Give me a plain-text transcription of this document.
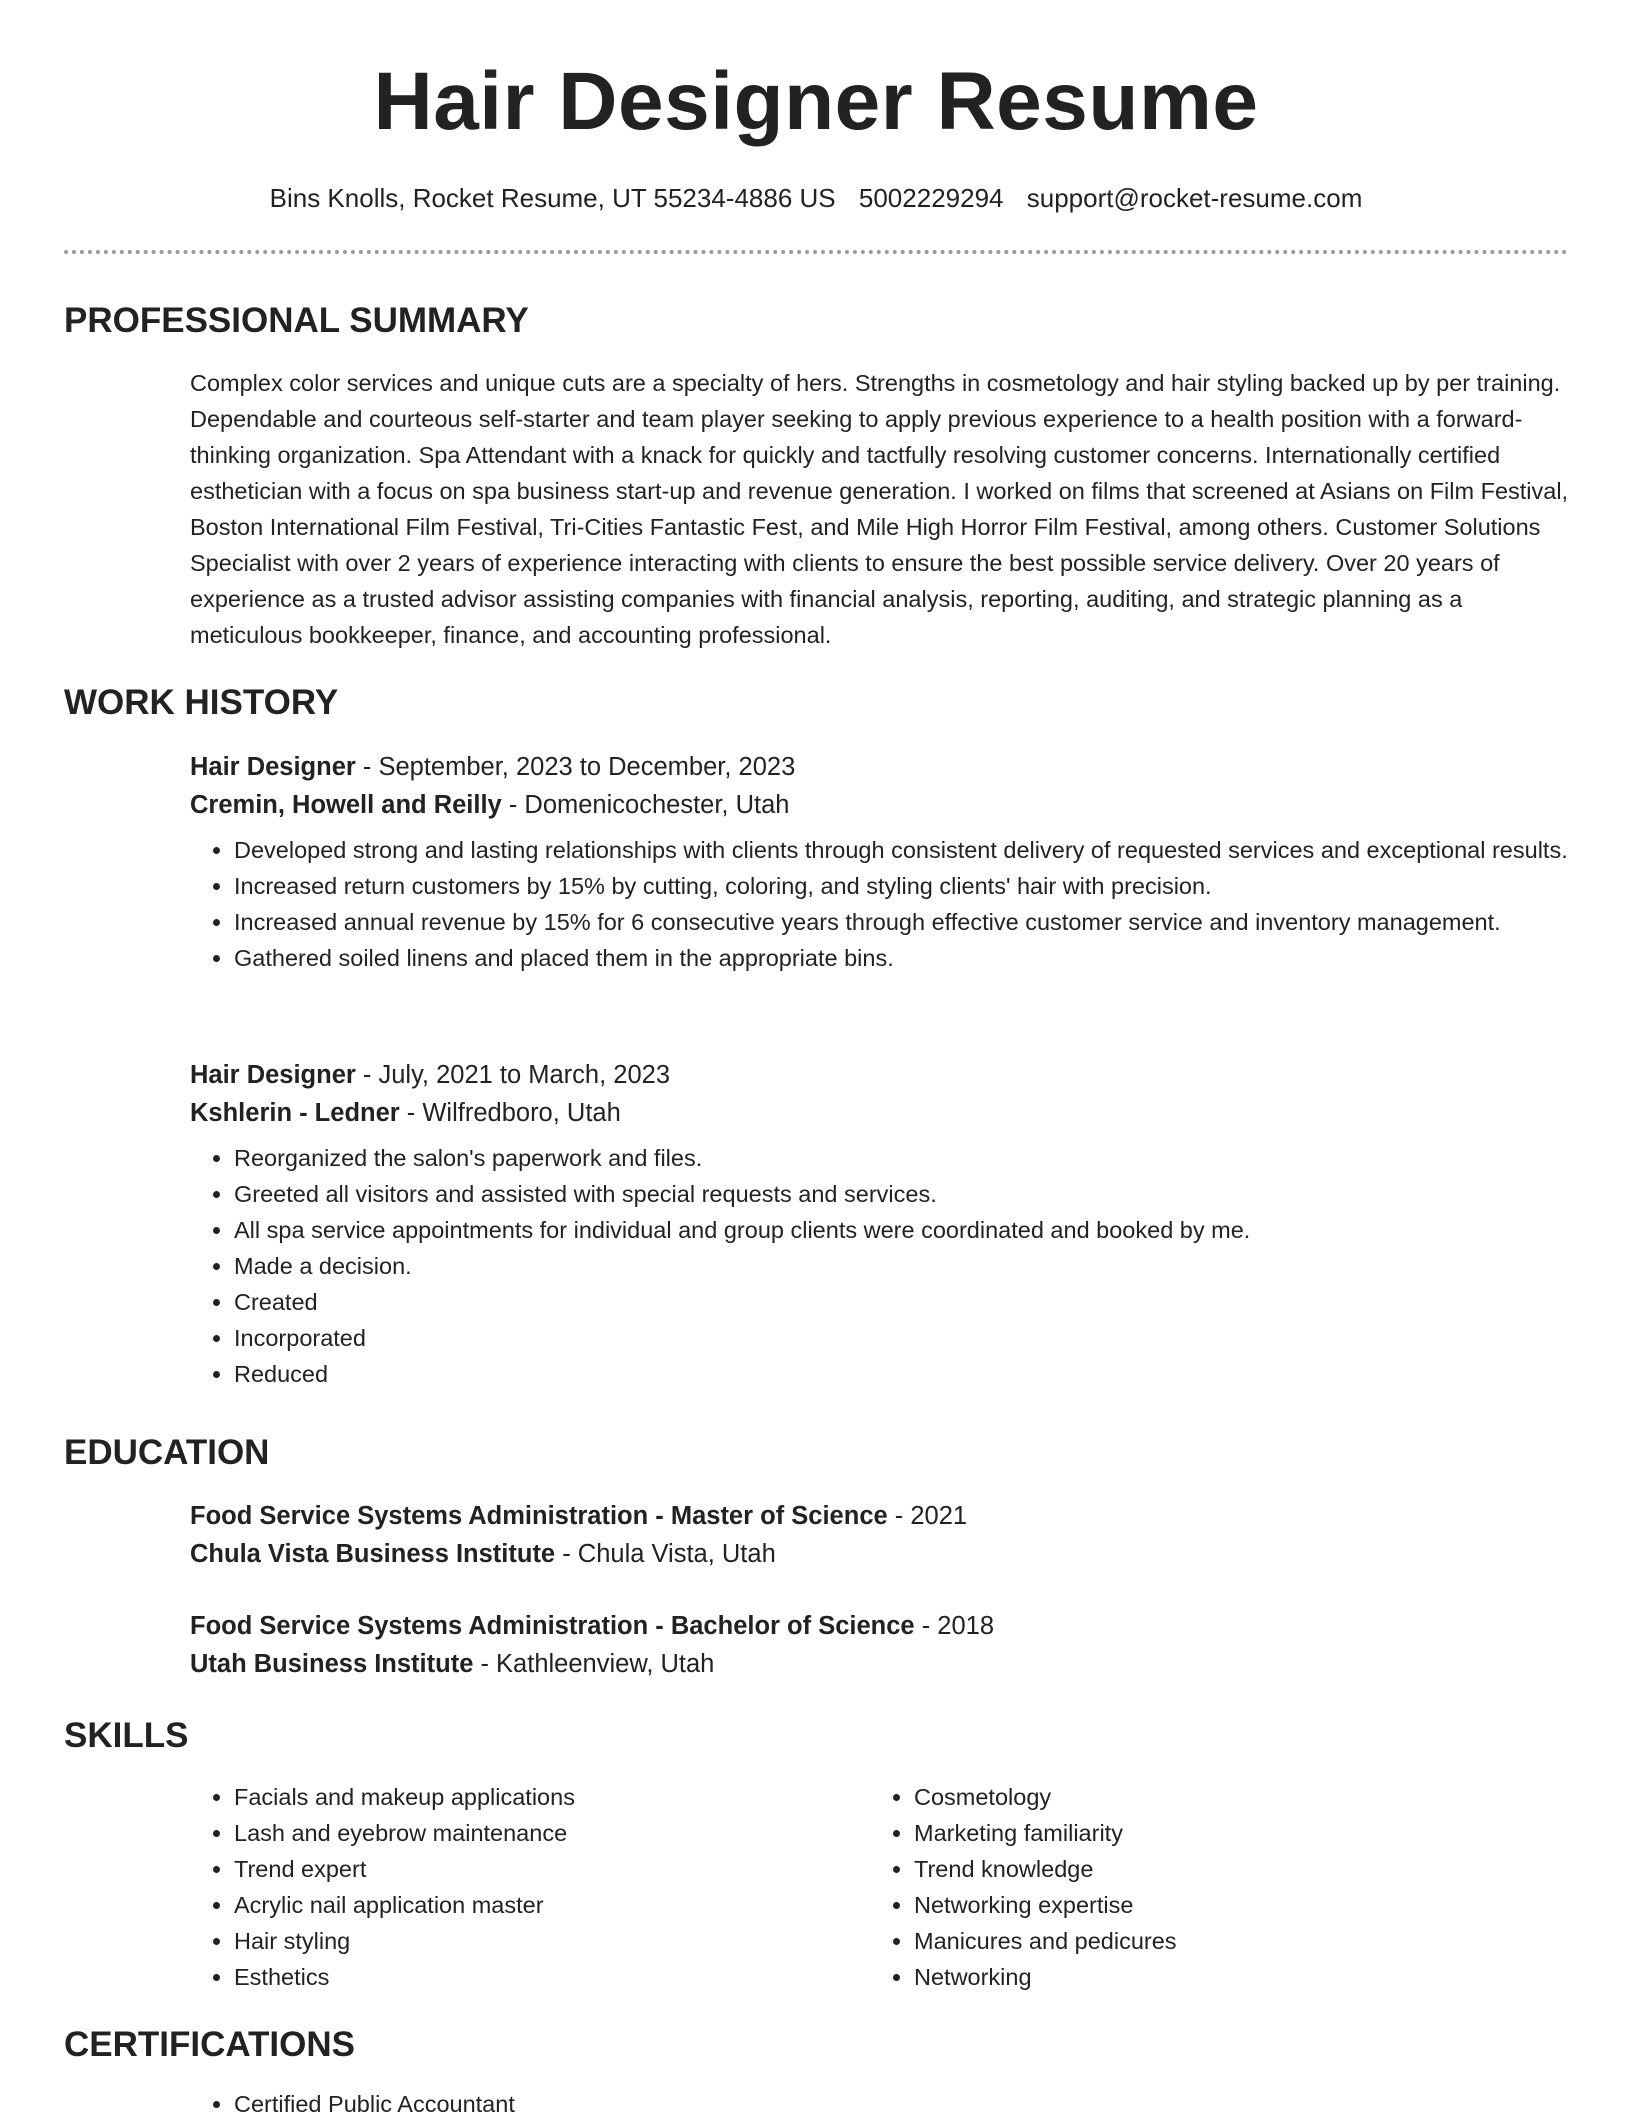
Hair Designer Resume
Bins Knolls, Rocket Resume, UT 55234-4886 US 5002229294 support@rocket-resume.com
PROFESSIONAL SUMMARY

Complex color services and unique cuts are a specialty of hers. Strengths in cosmetology and hair styling backed up by per training. Dependable and courteous self-starter and team player seeking to apply previous experience to a health position with a forward-thinking organization. Spa Attendant with a knack for quickly and tactfully resolving customer concerns. Internationally certified esthetician with a focus on spa business start-up and revenue generation. I worked on films that screened at Asians on Film Festival, Boston International Film Festival, Tri-Cities Fantastic Fest, and Mile High Horror Film Festival, among others. Customer Solutions Specialist with over 2 years of experience interacting with clients to ensure the best possible service delivery. Over 20 years of experience as a trusted advisor assisting companies with financial analysis, reporting, auditing, and strategic planning as a meticulous bookkeeper, finance, and accounting professional.

WORK HISTORY

Hair Designer - September, 2023 to December, 2023

Cremin, Howell and Reilly - Domenicochester, Utah

• Developed strong and lasting relationships with clients through consistent delivery of requested services and exceptional results.
• Increased return customers by 15% by cutting, coloring, and styling clients' hair with precision.
• Increased annual revenue by 15% for 6 consecutive years through effective customer service and inventory management.
• Gathered soiled linens and placed them in the appropriate bins.

Hair Designer - July, 2021 to March, 2023

Kshlerin - Ledner - Wilfredboro, Utah

• Reorganized the salon's paperwork and files.
• Greeted all visitors and assisted with special requests and services.
• All spa service appointments for individual and group clients were coordinated and booked by me.
• Made a decision.
• Created
• Incorporated
• Reduced
EDUCATION

Food Service Systems Administration - Master of Science - 2021

Chula Vista Business Institute - Chula Vista, Utah

Food Service Systems Administration - Bachelor of Science - 2018

Utah Business Institute - Kathleenview, Utah

SKILLS
• Facials and makeup applications
• Lash and eyebrow maintenance
• Trend expert
• Acrylic nail application master
• Hair styling
• Esthetics
• Cosmetology
• Marketing familiarity
• Trend knowledge
• Networking expertise
• Manicures and pedicures
• Networking
CERTIFICATIONS
• Certified Public Accountant
